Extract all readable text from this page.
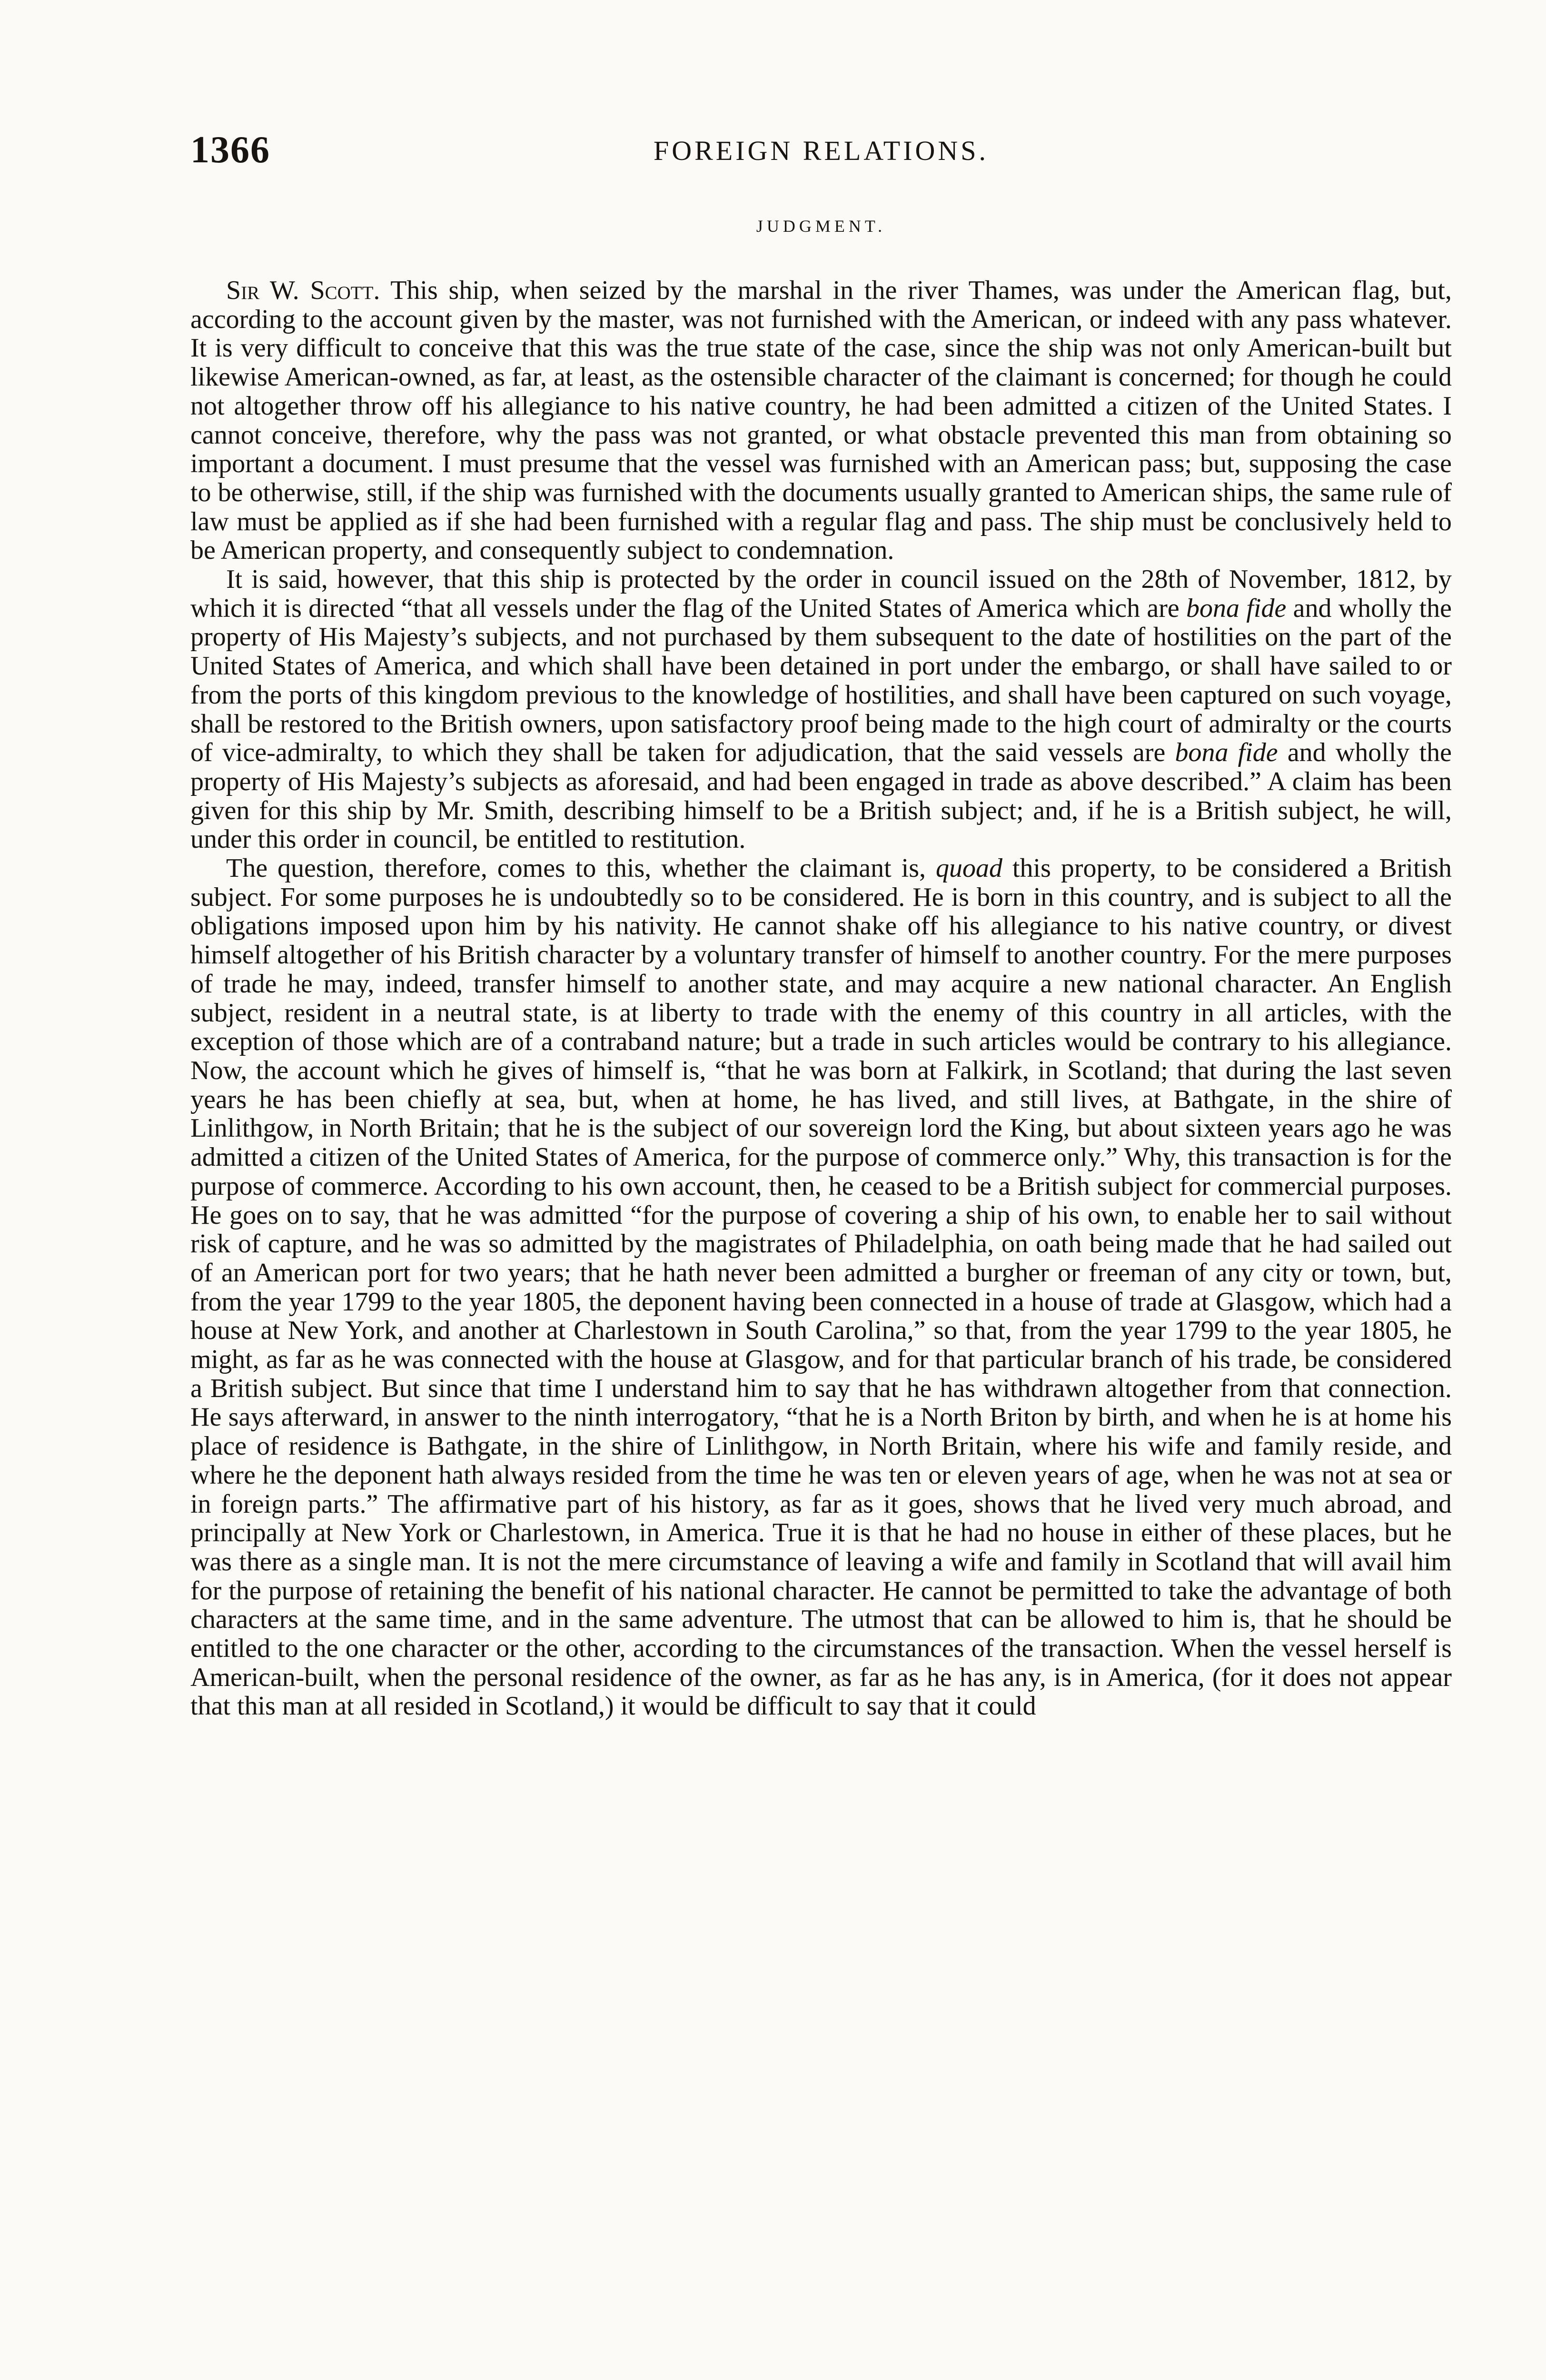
1366	FOREIGN RELATIONS.
JUDGMENT.

Sir W. Scott. This ship, when seized by the marshal in the river Thames, was under the American flag, but, according to the account given by the master, was not furnished with the American, or indeed with any pass whatever. It is very difficult to conceive that this was the true state of the case, since the ship was not only American-built but likewise American-owned, as far, at least, as the ostensible character of the claimant is concerned; for though he could not altogether throw off his allegiance to his native country, he had been admitted a citizen of the United States. I cannot conceive, therefore, why the pass was not granted, or what obstacle prevented this man from obtaining so important a document. I must presume that the vessel was furnished with an American pass; but, supposing the case to be otherwise, still, if the ship was furnished with the documents usually granted to American ships, the same rule of law must be applied as if she had been furnished with a regular flag and pass. The ship must be conclusively held to be American property, and consequently subject to condemnation.

It is said, however, that this ship is protected by the order in council issued on the 28th of November, 1812, by which it is directed “that all vessels under the flag of the United States of America which are bona fide and wholly the property of His Majesty’s subjects, and not purchased by them subsequent to the date of hostilities on the part of the United States of America, and which shall have been detained in port under the embargo, or shall have sailed to or from the ports of this kingdom previous to the knowledge of hostilities, and shall have been captured on such voyage, shall be restored to the British owners, upon satisfactory proof being made to the high court of admiralty or the courts of vice-admiralty, to which they shall be taken for adjudication, that the said vessels are bona fide and wholly the property of His Majesty’s subjects as aforesaid, and had been engaged in trade as above described.” A claim has been given for this ship by Mr. Smith, describing himself to be a British subject; and, if he is a British subject, he will, under this order in council, be entitled to restitution.

The question, therefore, comes to this, whether the claimant is, quoad this property, to be considered a British subject. For some purposes he is undoubtedly so to be considered. He is born in this country, and is subject to all the obligations imposed upon him by his nativity. He cannot shake off his allegiance to his native country, or divest himself altogether of his British character by a voluntary transfer of himself to another country. For the mere purposes of trade he may, indeed, transfer himself to another state, and may acquire a new national character. An English subject, resident in a neutral state, is at liberty to trade with the enemy of this country in all articles, with the exception of those which are of a contraband nature; but a trade in such articles would be contrary to his allegiance. Now, the account which he gives of himself is, “that he was born at Falkirk, in Scotland; that during the last seven years he has been chiefly at sea, but, when at home, he has lived, and still lives, at Bathgate, in the shire of Linlithgow, in North Britain; that he is the subject of our sovereign lord the King, but about sixteen years ago he was admitted a citizen of the United States of America, for the purpose of commerce only.” Why, this transaction is for the purpose of commerce. According to his own account, then, he ceased to be a British subject for commercial purposes. He goes on to say, that he was admitted “for the purpose of covering a ship of his own, to enable her to sail without risk of capture, and he was so admitted by the magistrates of Philadelphia, on oath being made that he had sailed out of an American port for two years; that he hath never been admitted a burgher or freeman of any city or town, but, from the year 1799 to the year 1805, the deponent having been connected in a house of trade at Glasgow, which had a house at New York, and another at Charlestown in South Carolina,” so that, from the year 1799 to the year 1805, he might, as far as he was connected with the house at Glasgow, and for that particular branch of his trade, be considered a British subject. But since that time I understand him to say that he has withdrawn altogether from that connection. He says afterward, in answer to the ninth interrogatory, “that he is a North Briton by birth, and when he is at home his place of residence is Bathgate, in the shire of Linlithgow, in North Britain, where his wife and family reside, and where he the deponent hath always resided from the time he was ten or eleven years of age, when he was not at sea or in foreign parts.” The affirmative part of his history, as far as it goes, shows that he lived very much abroad, and principally at New York or Charlestown, in America. True it is that he had no house in either of these places, but he was there as a single man. It is not the mere circumstance of leaving a wife and family in Scotland that will avail him for the purpose of retaining the benefit of his national character. He cannot be permitted to take the advantage of both characters at the same time, and in the same adventure. The utmost that can be allowed to him is, that he should be entitled to the one character or the other, according to the circumstances of the transaction. When the vessel herself is American-built, when the personal residence of the owner, as far as he has any, is in America, (for it does not appear that this man at all resided in Scotland,) it would be difficult to say that it could
